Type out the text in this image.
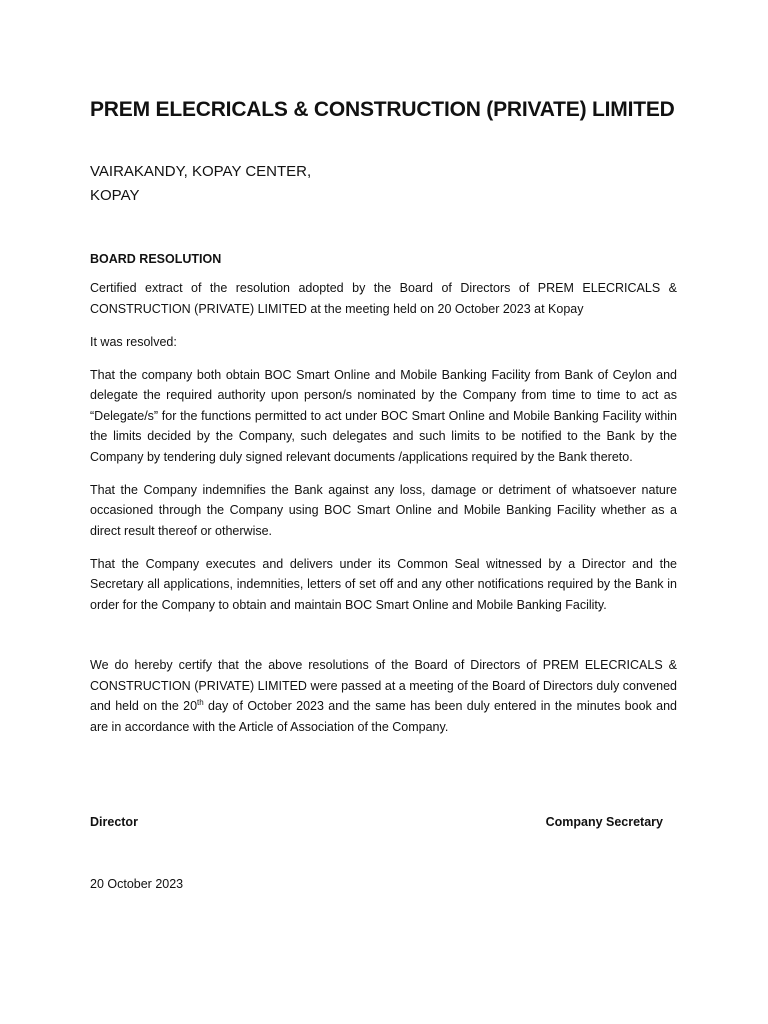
PREM ELECRICALS & CONSTRUCTION (PRIVATE) LIMITED
VAIRAKANDY, KOPAY CENTER,
KOPAY
BOARD RESOLUTION

Certified extract of the resolution adopted by the Board of Directors of PREM ELECRICALS & CONSTRUCTION (PRIVATE) LIMITED at the meeting held on 20 October 2023 at Kopay

It was resolved:

That the company both obtain BOC Smart Online and Mobile Banking Facility from Bank of Ceylon and delegate the required authority upon person/s nominated by the Company from time to time to act as “Delegate/s” for the functions permitted to act under BOC Smart Online and Mobile Banking Facility within the limits decided by the Company, such delegates and such limits to be notified to the Bank by the Company by tendering duly signed relevant documents /applications required by the Bank thereto.

That the Company indemnifies the Bank against any loss, damage or detriment of whatsoever nature occasioned through the Company using BOC Smart Online and Mobile Banking Facility whether as a direct result thereof or otherwise.

That the Company executes and delivers under its Common Seal witnessed by a Director and the Secretary all applications, indemnities, letters of set off and any other notifications required by the Bank in order for the Company to obtain and maintain BOC Smart Online and Mobile Banking Facility.

We do hereby certify that the above resolutions of the Board of Directors of PREM ELECRICALS & CONSTRUCTION (PRIVATE) LIMITED were passed at a meeting of the Board of Directors duly convened and held on the 20th day of October 2023 and the same has been duly entered in the minutes book and are in accordance with the Article of Association of the Company.

Director	Company Secretary
20 October 2023
